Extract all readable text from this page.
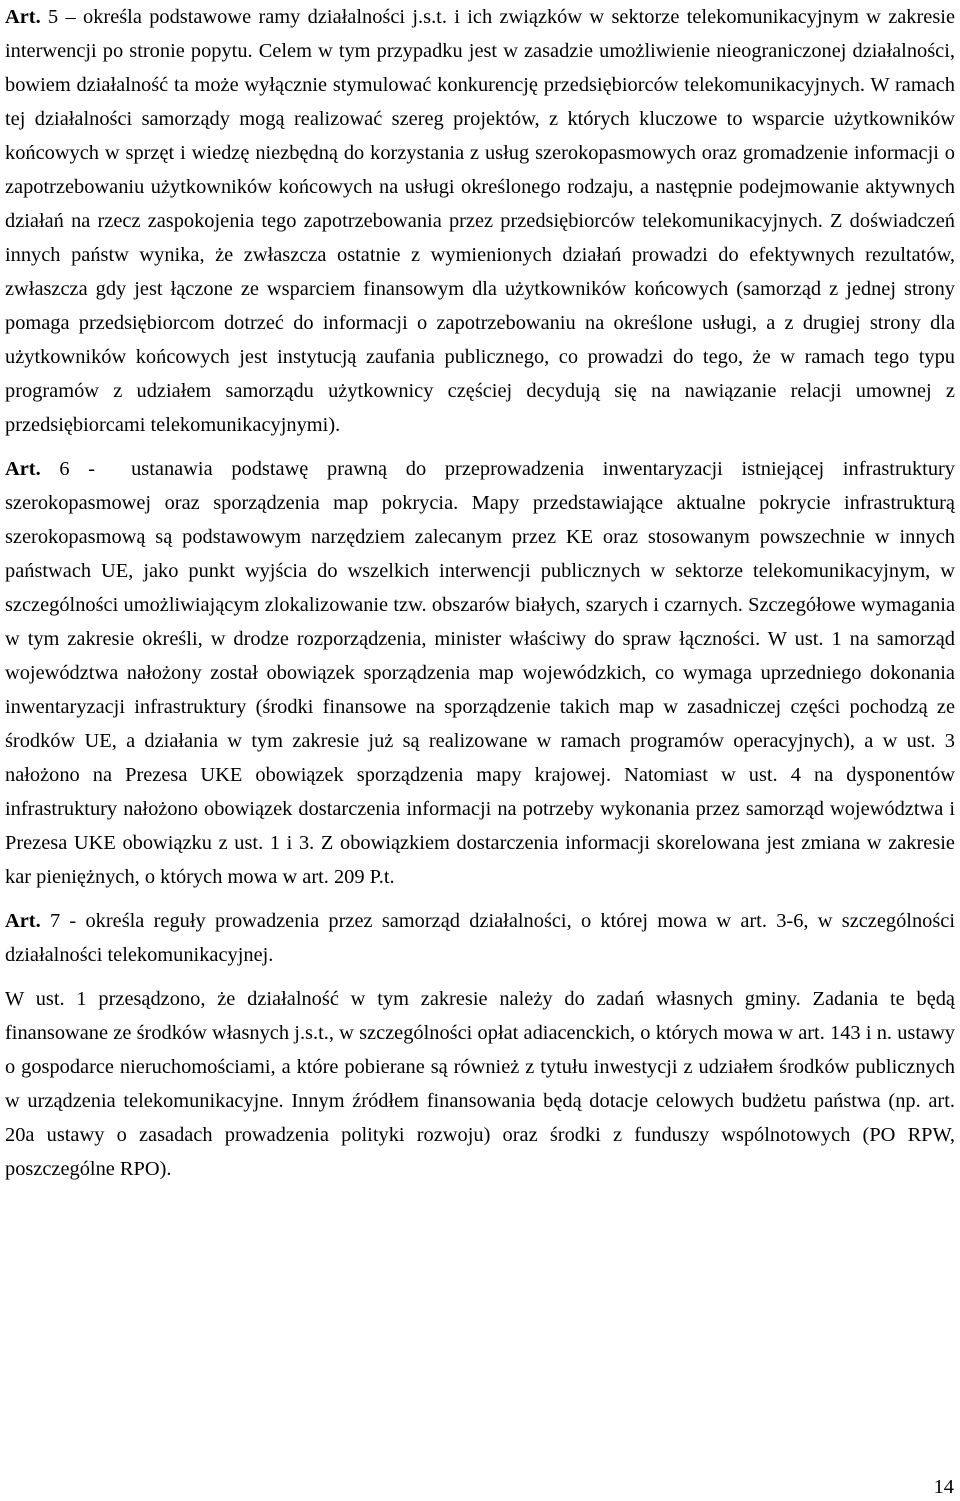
Art. 5 – określa podstawowe ramy działalności j.s.t. i ich związków w sektorze telekomunikacyjnym w zakresie interwencji po stronie popytu. Celem w tym przypadku jest w zasadzie umożliwienie nieograniczonej działalności, bowiem działalność ta może wyłącznie stymulować konkurencję przedsiębiorców telekomunikacyjnych. W ramach tej działalności samorządy mogą realizować szereg projektów, z których kluczowe to wsparcie użytkowników końcowych w sprzęt i wiedzę niezbędną do korzystania z usług szerokopasmowych oraz gromadzenie informacji o zapotrzebowaniu użytkowników końcowych na usługi określonego rodzaju, a następnie podejmowanie aktywnych działań na rzecz zaspokojenia tego zapotrzebowania przez przedsiębiorców telekomunikacyjnych. Z doświadczeń innych państw wynika, że zwłaszcza ostatnie z wymienionych działań prowadzi do efektywnych rezultatów, zwłaszcza gdy jest łączone ze wsparciem finansowym dla użytkowników końcowych (samorząd z jednej strony pomaga przedsiębiorcom dotrzeć do informacji o zapotrzebowaniu na określone usługi, a z drugiej strony dla użytkowników końcowych jest instytucją zaufania publicznego, co prowadzi do tego, że w ramach tego typu programów z udziałem samorządu użytkownicy częściej decydują się na nawiązanie relacji umownej z przedsiębiorcami telekomunikacyjnymi).

Art. 6 - ustanawia podstawę prawną do przeprowadzenia inwentaryzacji istniejącej infrastruktury szerokopasmowej oraz sporządzenia map pokrycia. Mapy przedstawiające aktualne pokrycie infrastrukturą szerokopasmową są podstawowym narzędziem zalecanym przez KE oraz stosowanym powszechnie w innych państwach UE, jako punkt wyjścia do wszelkich interwencji publicznych w sektorze telekomunikacyjnym, w szczególności umożliwiającym zlokalizowanie tzw. obszarów białych, szarych i czarnych. Szczegółowe wymagania w tym zakresie określi, w drodze rozporządzenia, minister właściwy do spraw łączności. W ust. 1 na samorząd województwa nałożony został obowiązek sporządzenia map wojewódzkich, co wymaga uprzedniego dokonania inwentaryzacji infrastruktury (środki finansowe na sporządzenie takich map w zasadniczej części pochodzą ze środków UE, a działania w tym zakresie już są realizowane w ramach programów operacyjnych), a w ust. 3 nałożono na Prezesa UKE obowiązek sporządzenia mapy krajowej. Natomiast w ust. 4 na dysponentów infrastruktury nałożono obowiązek dostarczenia informacji na potrzeby wykonania przez samorząd województwa i Prezesa UKE obowiązku z ust. 1 i 3. Z obowiązkiem dostarczenia informacji skorelowana jest zmiana w zakresie kar pieniężnych, o których mowa w art. 209 P.t.

Art. 7 - określa reguły prowadzenia przez samorząd działalności, o której mowa w art. 3-6, w szczególności działalności telekomunikacyjnej.

W ust. 1 przesądzono, że działalność w tym zakresie należy do zadań własnych gminy. Zadania te będą finansowane ze środków własnych j.s.t., w szczególności opłat adiacenckich, o których mowa w art. 143 i n. ustawy o gospodarce nieruchomościami, a które pobierane są również z tytułu inwestycji z udziałem środków publicznych w urządzenia telekomunikacyjne. Innym źródłem finansowania będą dotacje celowych budżetu państwa (np. art. 20a ustawy o zasadach prowadzenia polityki rozwoju) oraz środki z funduszy wspólnotowych (PO RPW, poszczególne RPO).

14
